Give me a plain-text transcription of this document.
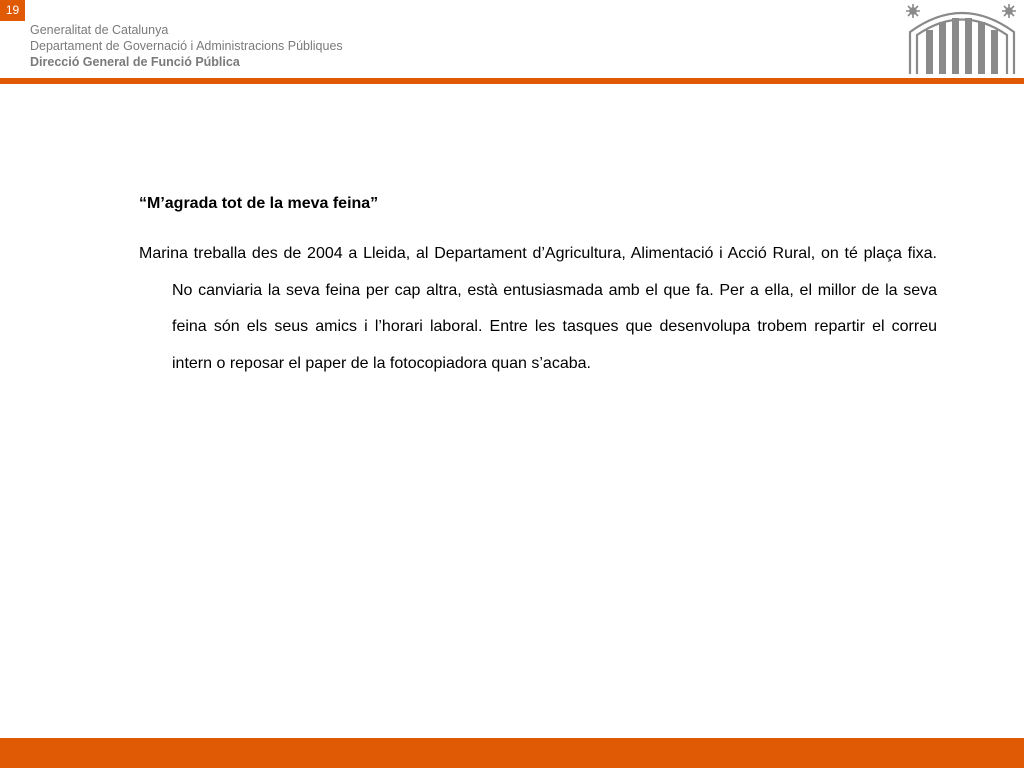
19
Generalitat de Catalunya
Departament de Governació i Administracions Públiques
Direcció General de Funció Pública

“M’agrada tot de la meva feina”

Marina treballa des de 2004 a Lleida, al Departament d’Agricultura, Alimentació i Acció Rural, on té plaça fixa. No canviaria la seva feina per cap altra, està entusiasmada amb el que fa. Per a ella, el millor de la seva feina són els seus amics i l’horari laboral. Entre les tasques que desenvolupa trobem repartir el correu intern o reposar el paper de la fotocopiadora quan s’acaba.
